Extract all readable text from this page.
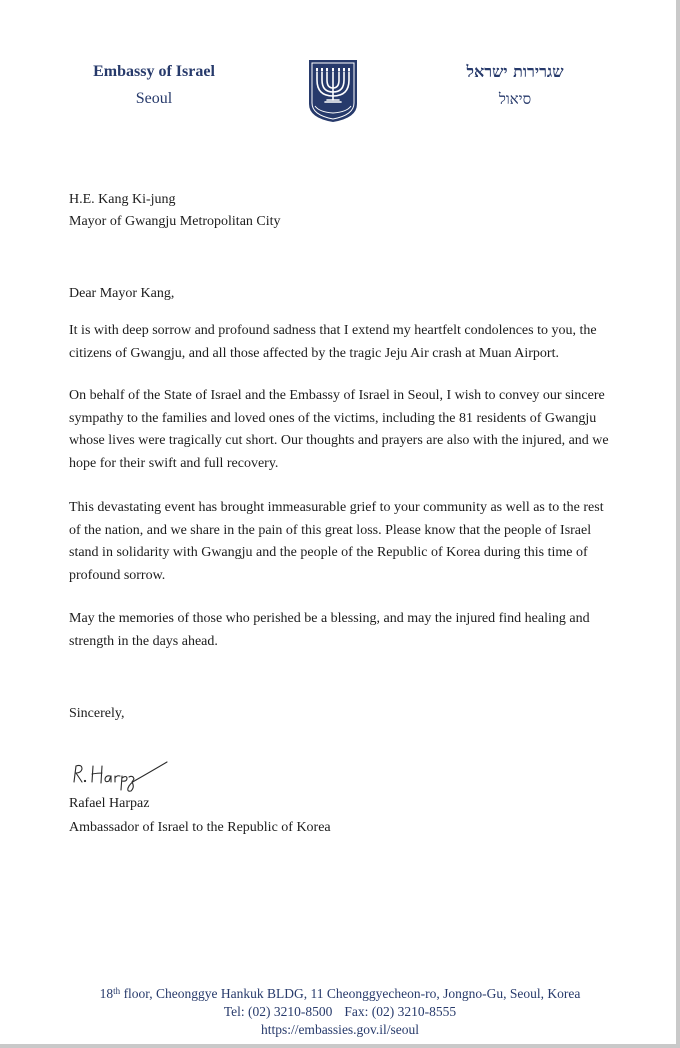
Embassy of Israel
Seoul
שגרירות ישראל
סיאול
H.E. Kang Ki-jung
Mayor of Gwangju Metropolitan City
Dear Mayor Kang,
It is with deep sorrow and profound sadness that I extend my heartfelt condolences to you, the citizens of Gwangju, and all those affected by the tragic Jeju Air crash at Muan Airport.
On behalf of the State of Israel and the Embassy of Israel in Seoul, I wish to convey our sincere sympathy to the families and loved ones of the victims, including the 81 residents of Gwangju whose lives were tragically cut short. Our thoughts and prayers are also with the injured, and we hope for their swift and full recovery.
This devastating event has brought immeasurable grief to your community as well as to the rest of the nation, and we share in the pain of this great loss. Please know that the people of Israel stand in solidarity with Gwangju and the people of the Republic of Korea during this time of profound sorrow.
May the memories of those who perished be a blessing, and may the injured find healing and strength in the days ahead.
Sincerely,
Rafael Harpaz
Ambassador of Israel to the Republic of Korea
18th floor, Cheonggye Hankuk BLDG, 11 Cheonggyecheon-ro, Jongno-Gu, Seoul, Korea
Tel: (02) 3210-8500 Fax: (02) 3210-8555
https://embassies.gov.il/seoul
